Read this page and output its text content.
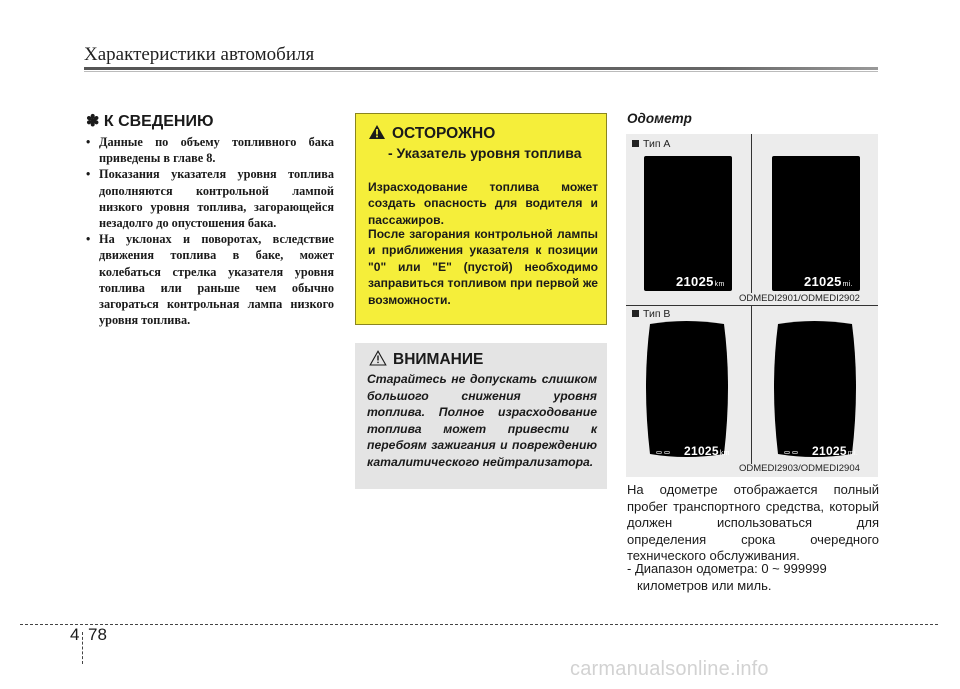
Характеристики автомобиля
✽ К СВЕДЕНИЮ
• Данные по объему топливного бака приведены в главе 8.
• Показания указателя уровня топлива дополняются контрольной лампой низкого уровня топлива, загорающейся незадолго до опустошения бака.
• На уклонах и поворотах, вследствие движения топлива в баке, может колебаться стрелка указателя уровня топлива или раньше чем обычно загораться контрольная лампа низкого уровня топлива.
ОСТОРОЖНО
- Указатель уровня топлива

Израсходование топлива может создать опасность для водителя и пассажиров.

После загорания контрольной лампы и приближения указателя к позиции "0" или "E" (пустой) необходимо заправиться топливом при первой же возможности.

ВНИМАНИЕ

Старайтесь не допускать слишком большого снижения уровня топлива. Полное израсходование топлива может привести к перебоям зажигания и повреждению каталитического нейтрализатора.

Одометр
Тип A
21025km	21025mi.
ODMEDI2901/ODMEDI2902
Тип B
21025km	21025mi.
ODMEDI2903/ODMEDI2904

На одометре отображается полный пробег транспортного средства, который должен использоваться для определения срока очередного технического обслуживания.

- Диапазон одометра: 0 ~ 999999 километров или миль.

4 78
carmanualsonline.info
